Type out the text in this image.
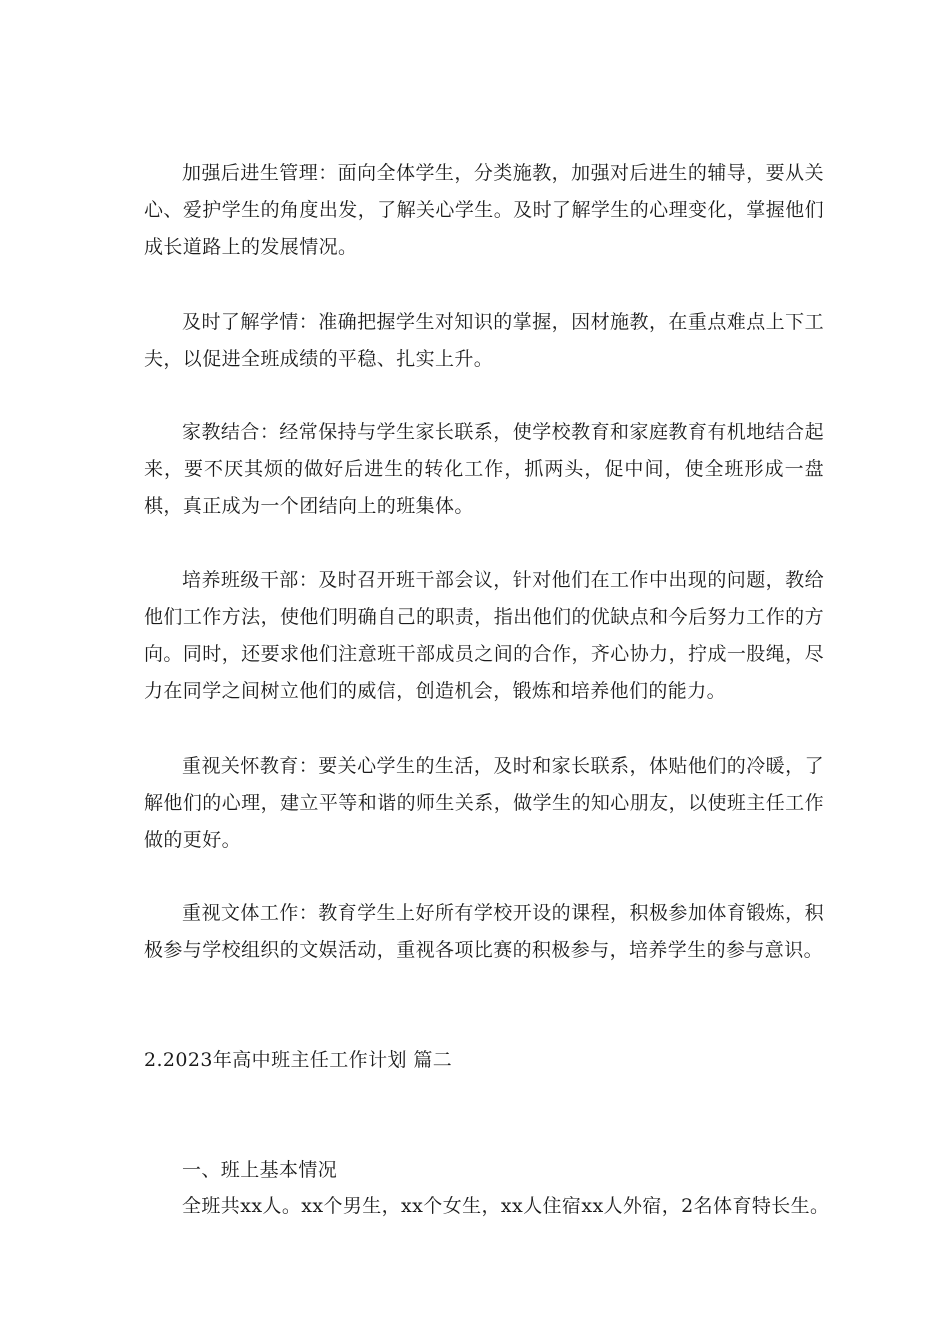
加强后进生管理：面向全体学生，分类施教，加强对后进生的辅导，要从关心、爱护学生的角度出发，了解关心学生。及时了解学生的心理变化，掌握他们成长道路上的发展情况。

及时了解学情：准确把握学生对知识的掌握，因材施教，在重点难点上下工夫，以促进全班成绩的平稳、扎实上升。

家教结合：经常保持与学生家长联系，使学校教育和家庭教育有机地结合起来，要不厌其烦的做好后进生的转化工作，抓两头，促中间，使全班形成一盘棋，真正成为一个团结向上的班集体。

培养班级干部：及时召开班干部会议，针对他们在工作中出现的问题，教给他们工作方法，使他们明确自己的职责，指出他们的优缺点和今后努力工作的方向。同时，还要求他们注意班干部成员之间的合作，齐心协力，拧成一股绳，尽力在同学之间树立他们的威信，创造机会，锻炼和培养他们的能力。

重视关怀教育：要关心学生的生活，及时和家长联系，体贴他们的冷暖，了解他们的心理，建立平等和谐的师生关系，做学生的知心朋友，以使班主任工作做的更好。

重视文体工作：教育学生上好所有学校开设的课程，积极参加体育锻炼，积极参与学校组织的文娱活动，重视各项比赛的积极参与，培养学生的参与意识。

2.2023年高中班主任工作计划 篇二

一、班上基本情况

全班共xx人。xx个男生，xx个女生，xx人住宿xx人外宿，2名体育特长生。
